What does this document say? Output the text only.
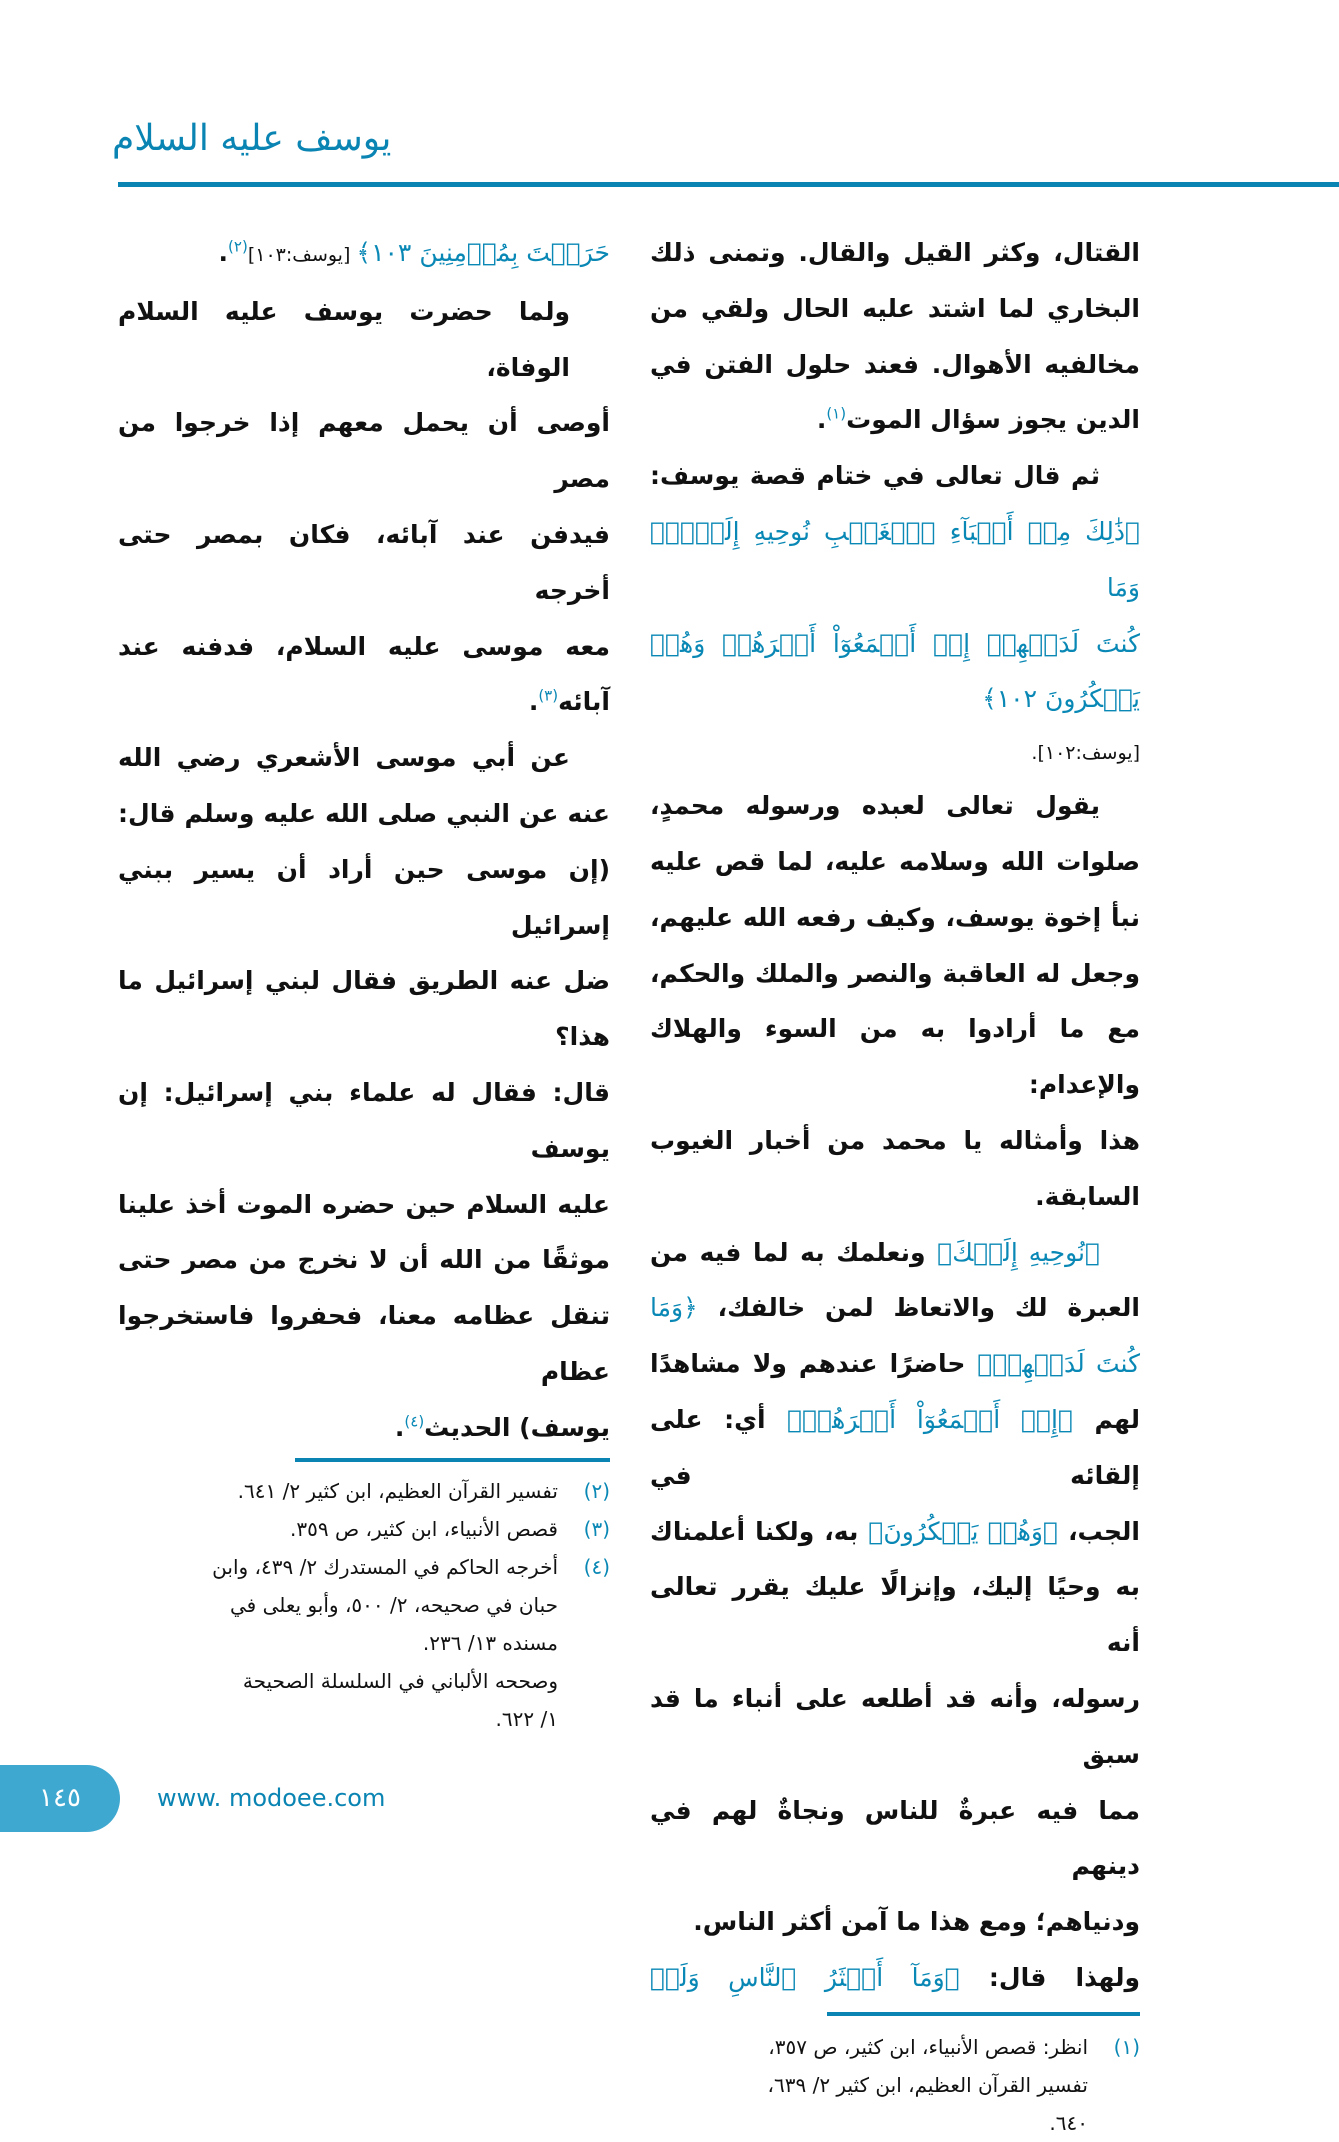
يوسف عليه السلام
القتال، وكثر القيل والقال. وتمنى ذلك
البخاري لما اشتد عليه الحال ولقي من
مخالفيه الأهوال. فعند حلول الفتن في
الدين يجوز سؤال الموت$^{(١)}$.
ثم قال تعالى في ختام قصة يوسف:
﴿ذَٰلِكَ مِنۡ أَنۢبَآءِ ٱلۡغَيۡبِ نُوحِيهِ إِلَيۡكَۖ وَمَا
كُنتَ لَدَيۡهِمۡ إِذۡ أَجۡمَعُوٓاْ أَمۡرَهُمۡ وَهُمۡ يَمۡكُرُونَ ١٠٢﴾
[يوسف:١٠٢].
يقول تعالى لعبده ورسوله محمدٍ،
صلوات الله وسلامه عليه، لما قص عليه
نبأ إخوة يوسف، وكيف رفعه الله عليهم،
وجعل له العاقبة والنصر والملك والحكم،
مع ما أرادوا به من السوء والهلاك والإعدام:
هذا وأمثاله يا محمد من أخبار الغيوب
السابقة.
﴿نُوحِيهِ إِلَيۡكَ﴾ ونعلمك به لما فيه من
العبرة لك والاتعاظ لمن خالفك، ﴿وَمَا
كُنتَ لَدَيۡهِمۡ﴾ حاضرًا عندهم ولا مشاهدًا
لهم ﴿إِذۡ أَجۡمَعُوٓاْ أَمۡرَهُمۡ﴾ أي: على إلقائه في
الجب، ﴿وَهُمۡ يَمۡكُرُونَ﴾ به، ولكنا أعلمناك
به وحيًا إليك، وإنزالًا عليك يقرر تعالى أنه
رسوله، وأنه قد أطلعه على أنباء ما قد سبق
مما فيه عبرةٌ للناس ونجاةٌ لهم في دينهم
ودنياهم؛ ومع هذا ما آمن أكثر الناس.
ولهذا قال: ﴿وَمَآ أَكۡثَرُ ٱلنَّاسِ وَلَوۡ
(١)انظر: قصص الأنبياء، ابن كثير، ص ٣٥٧،
تفسير القرآن العظيم، ابن كثير ٢/ ٦٣٩،
٦٤٠.
حَرَصۡتَ بِمُؤۡمِنِينَ ١٠٣﴾ [يوسف:١٠٣]$^{(٢)}$.
ولما حضرت يوسف عليه السلام الوفاة،
أوصى أن يحمل معهم إذا خرجوا من مصر
فيدفن عند آبائه، فكان بمصر حتى أخرجه
معه موسى عليه السلام، فدفنه عند آبائه$^{(٣)}$.
عن أبي موسى الأشعري رضي الله
عنه عن النبي صلى الله عليه وسلم قال:
(إن موسى حين أراد أن يسير ببني إسرائيل
ضل عنه الطريق فقال لبني إسرائيل ما هذا؟
قال: فقال له علماء بني إسرائيل: إن يوسف
عليه السلام حين حضره الموت أخذ علينا
موثقًا من الله أن لا نخرج من مصر حتى
تنقل عظامه معنا، فحفروا فاستخرجوا عظام
يوسف) الحديث$^{(٤)}$.
(٢)تفسير القرآن العظيم، ابن كثير ٢/ ٦٤١.
(٣)قصص الأنبياء، ابن كثير، ص ٣٥٩.
(٤)أخرجه الحاكم في المستدرك ٢/ ٤٣٩، وابن
حبان في صحيحه، ٢/ ٥٠٠، وأبو يعلى في
مسنده ١٣/ ٢٣٦.
وصححه الألباني في السلسلة الصحيحة
١/ ٦٢٢.
١٤٥	www. modoee.com
